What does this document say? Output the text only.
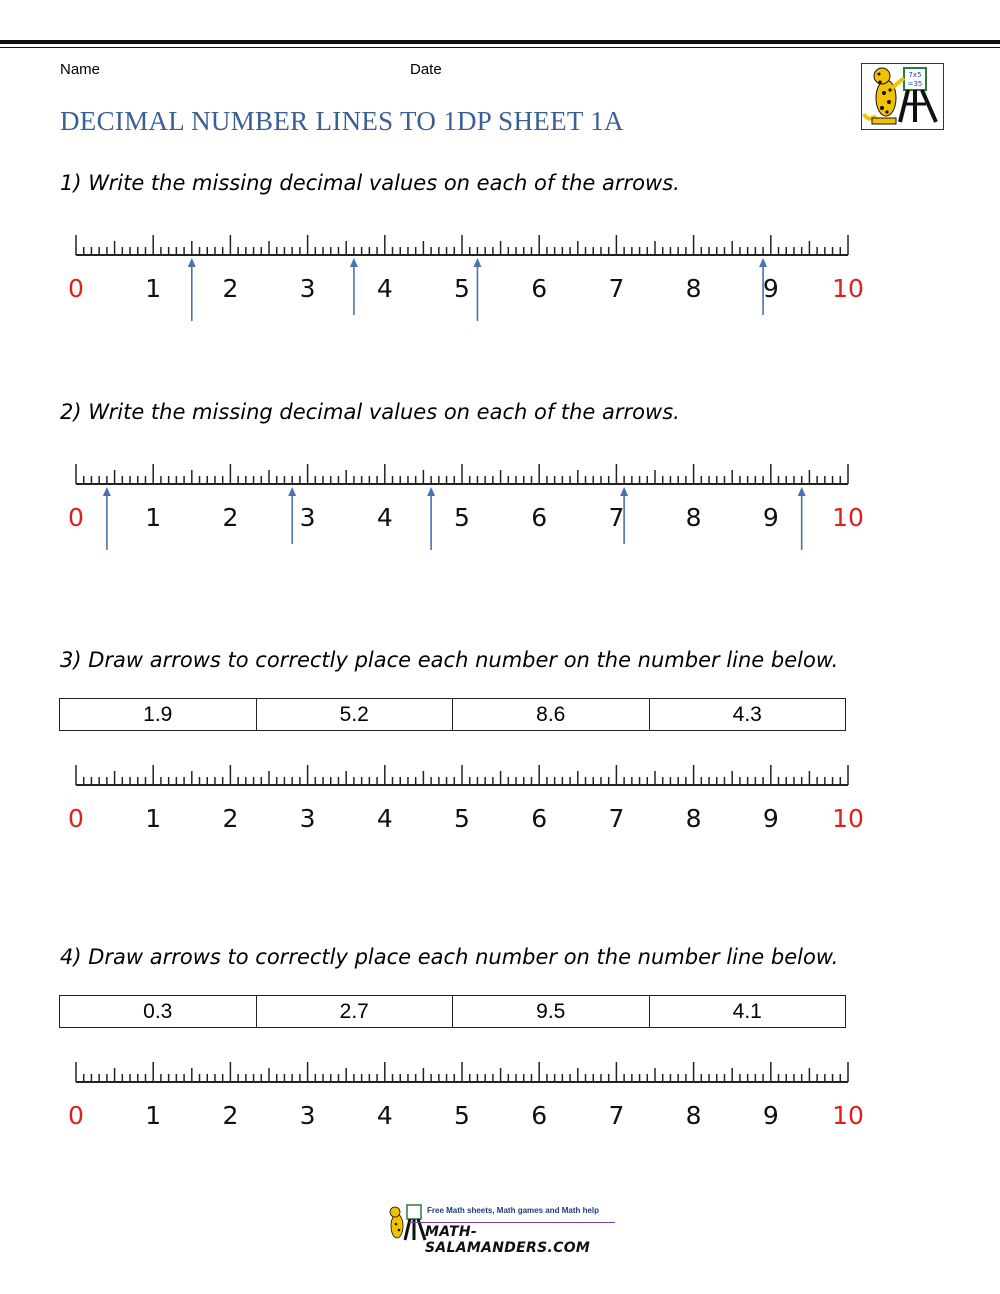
Name	Date
DECIMAL NUMBER LINES TO 1DP SHEET 1A
7x5
=35
1) Write the missing decimal values on each of the arrows.
0 1 2 3 4 5 6 7 8 9 10
2) Write the missing decimal values on each of the arrows.
0 1 2 3 4 5 6 7 8 9 10
3) Draw arrows to correctly place each number on the number line below.
1.9	5.2	8.6	4.3
0 1 2 3 4 5 6 7 8 9 10
4) Draw arrows to correctly place each number on the number line below.
0.3	2.7	9.5	4.1
0 1 2 3 4 5 6 7 8 9 10
Free Math sheets, Math games and Math help
MATH-SALAMANDERS.COM
